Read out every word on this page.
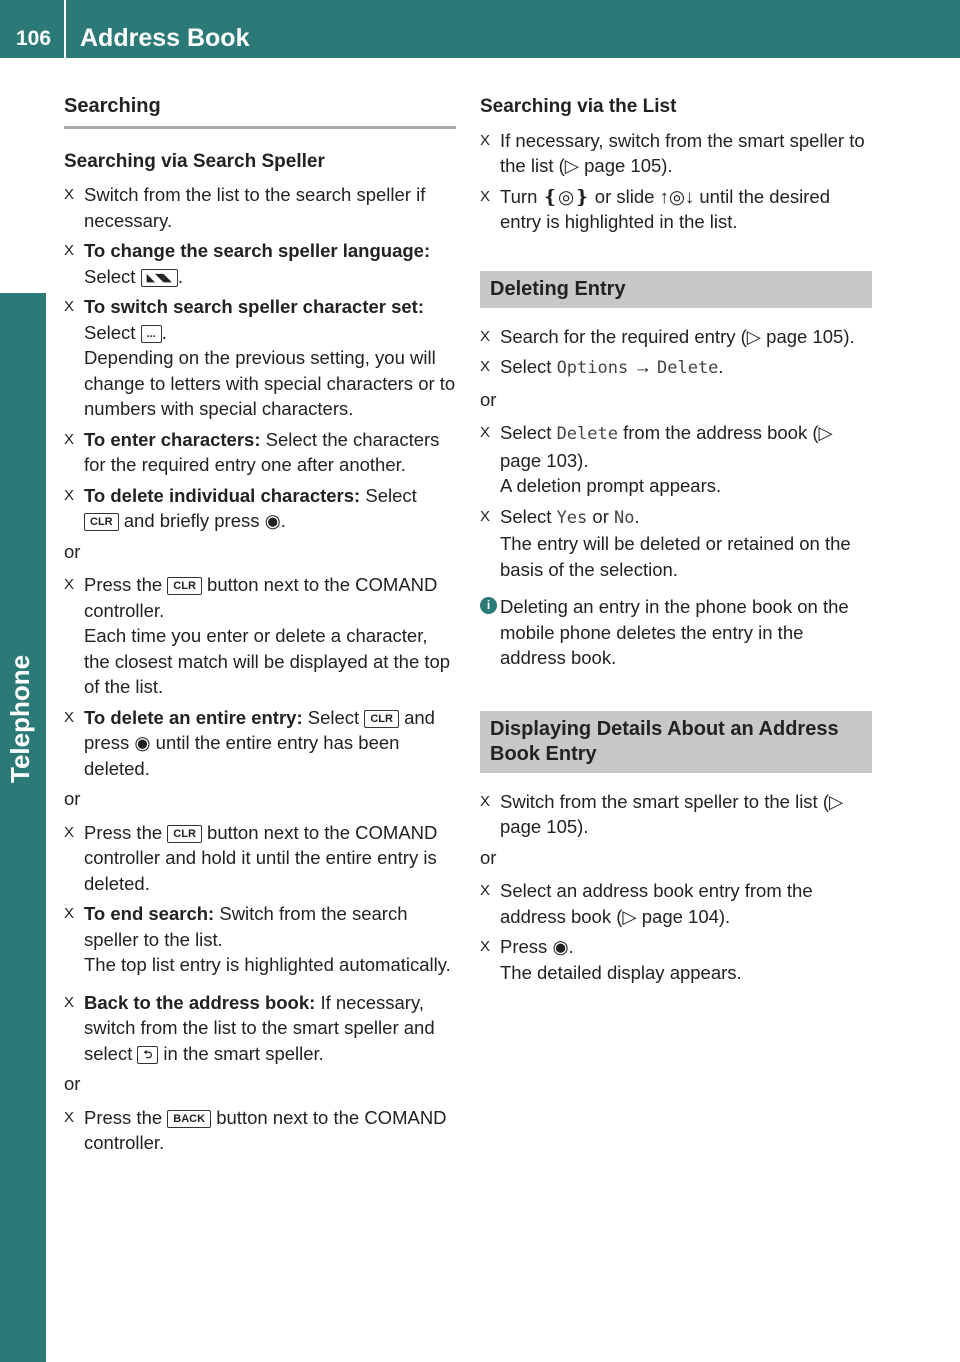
106 Address Book
Telephone
Searching
Searching via Search Speller
X Switch from the list to the search speller if necessary.
X To change the search speller language:
Select ◣◥◣ .
X To switch search speller character set:
Select ... .
Depending on the previous setting, you will change to letters with special characters or to numbers with special characters.
X To enter characters: Select the characters for the required entry one after another.
X To delete individual characters: Select
CLR and briefly press ◉.
or
X Press the CLR button next to the COMAND controller.
Each time you enter or delete a character, the closest match will be displayed at the top of the list.
X To delete an entire entry: Select CLR and press ◉ until the entire entry has been deleted.
or
X Press the CLR button next to the COMAND controller and hold it until the entire entry is deleted.
X To end search: Switch from the search speller to the list.
The top list entry is highlighted automatically.
X Back to the address book: If necessary, switch from the list to the smart speller and select ⮌ in the smart speller.
or
X Press the BACK button next to the COMAND controller.
Searching via the List
X If necessary, switch from the smart speller to the list (▷ page 105).
X Turn ❴◎❵ or slide ↑◎↓ until the desired entry is highlighted in the list.
Deleting Entry
X Search for the required entry (▷ page 105).
X Select Options → Delete.
or
X Select Delete from the address book (▷ page 103).
A deletion prompt appears.
X Select Yes or No.
The entry will be deleted or retained on the basis of the selection.
i Deleting an entry in the phone book on the mobile phone deletes the entry in the address book.
Displaying Details About an Address Book Entry
X Switch from the smart speller to the list (▷ page 105).
or
X Select an address book entry from the address book (▷ page 104).
X Press ◉.
The detailed display appears.
